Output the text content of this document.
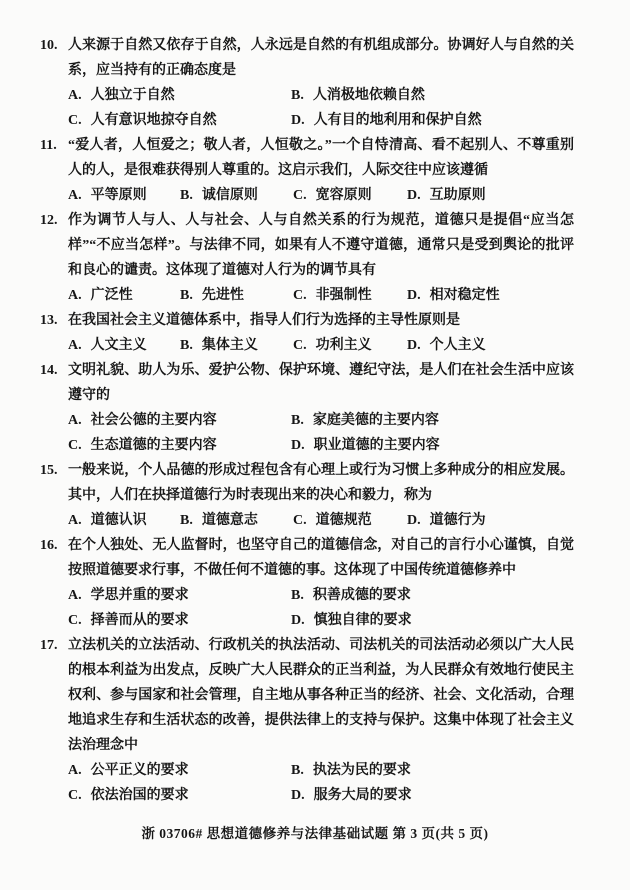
10. 人来源于自然又依存于自然，人永远是自然的有机组成部分。协调好人与自然的关系，应当持有的正确态度是
A. 人独立于自然	B. 人消极地依赖自然
C. 人有意识地掠夺自然	D. 人有目的地利用和保护自然
11. “爱人者，人恒爱之；敬人者，人恒敬之。”一个自恃清高、看不起别人、不尊重别人的人，是很难获得别人尊重的。这启示我们，人际交往中应该遵循
A. 平等原则	B. 诚信原则	C. 宽容原则	D. 互助原则
12. 作为调节人与人、人与社会、人与自然关系的行为规范，道德只是提倡“应当怎样”“不应当怎样”。与法律不同，如果有人不遵守道德，通常只是受到舆论的批评和良心的谴责。这体现了道德对人行为的调节具有
A. 广泛性	B. 先进性	C. 非强制性	D. 相对稳定性
13. 在我国社会主义道德体系中，指导人们行为选择的主导性原则是
A. 人文主义	B. 集体主义	C. 功利主义	D. 个人主义
14. 文明礼貌、助人为乐、爱护公物、保护环境、遵纪守法，是人们在社会生活中应该遵守的
A. 社会公德的主要内容	B. 家庭美德的主要内容
C. 生态道德的主要内容	D. 职业道德的主要内容
15. 一般来说，个人品德的形成过程包含有心理上或行为习惯上多种成分的相应发展。其中，人们在抉择道德行为时表现出来的决心和毅力，称为
A. 道德认识	B. 道德意志	C. 道德规范	D. 道德行为
16. 在个人独处、无人监督时，也坚守自己的道德信念，对自己的言行小心谨慎，自觉按照道德要求行事，不做任何不道德的事。这体现了中国传统道德修养中
A. 学思并重的要求	B. 积善成德的要求
C. 择善而从的要求	D. 慎独自律的要求
17. 立法机关的立法活动、行政机关的执法活动、司法机关的司法活动必须以广大人民的根本利益为出发点，反映广大人民群众的正当利益，为人民群众有效地行使民主权利、参与国家和社会管理，自主地从事各种正当的经济、社会、文化活动，合理地追求生存和生活状态的改善，提供法律上的支持与保护。这集中体现了社会主义法治理念中
A. 公平正义的要求	B. 执法为民的要求
C. 依法治国的要求	D. 服务大局的要求
浙 03706# 思想道德修养与法律基础试题 第 3 页(共 5 页)
